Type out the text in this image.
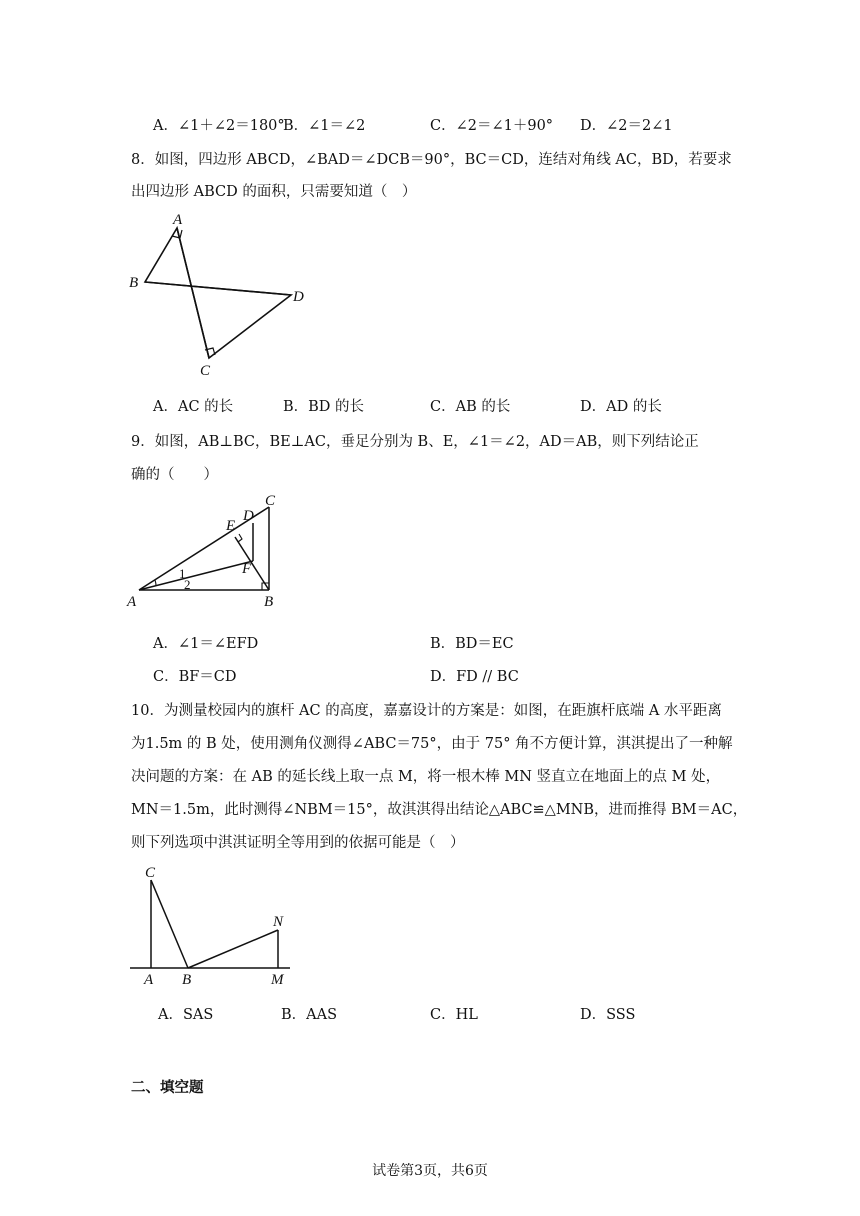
A．∠1＋∠2＝180°
B．∠1＝∠2	C．∠2＝∠1＋90° D．∠2＝2∠1
8．如图，四边形 ABCD，∠BAD＝∠DCB＝90°，BC＝CD，连结对角线 AC，BD，若要求
出四边形 ABCD 的面积，只需要知道（　）
A
B
C
D
A．AC 的长	B．BD 的长	C．AB 的长	D．AD 的长
9．如图，AB⊥BC，BE⊥AC，垂足分别为 B、E，∠1＝∠2，AD＝AB，则下列结论正
确的（　　）
A	B
C
D
E
F
1
2
A．∠1＝∠EFD	B．BD＝EC
C．BF＝CD	D．FD // BC
10．为测量校园内的旗杆 AC 的高度，嘉嘉设计的方案是：如图，在距旗杆底端 A 水平距离
为1.5m 的 B 处，使用测角仪测得∠ABC＝75°，由于 75° 角不方便计算，淇淇提出了一种解
决问题的方案：在 AB 的延长线上取一点 M，将一根木棒 MN 竖直立在地面上的点 M 处，
MN＝1.5m，此时测得∠NBM＝15°，故淇淇得出结论△ABC≌△MNB，进而推得 BM＝AC，
则下列选项中淇淇证明全等用到的依据可能是（　）
C
A B	M
N
A．SAS	B．AAS	C．HL	D．SSS
二、填空题
试卷第3页，共6页
